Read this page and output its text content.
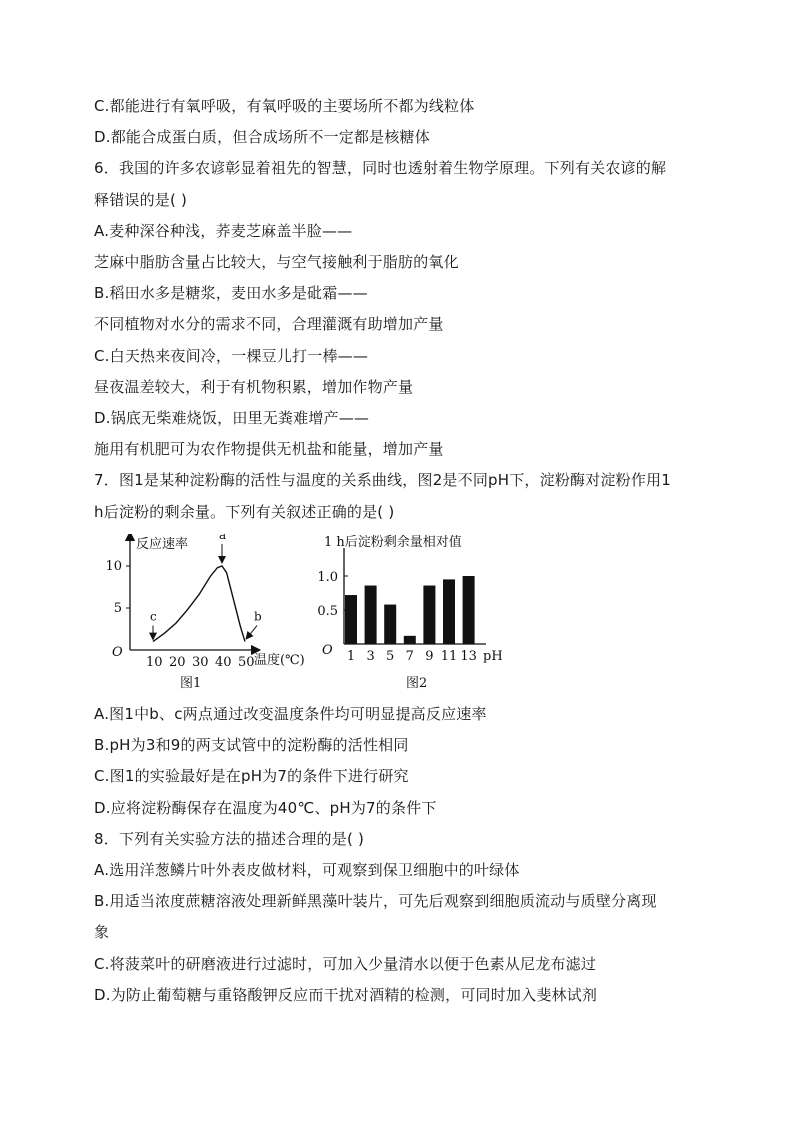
C.都能进行有氧呼吸，有氧呼吸的主要场所不都为线粒体
D.都能合成蛋白质，但合成场所不一定都是核糖体
6．我国的许多农谚彰显着祖先的智慧，同时也透射着生物学原理。下列有关农谚的解
释错误的是( )
A.麦种深谷种浅，荞麦芝麻盖半脸——
芝麻中脂肪含量占比较大，与空气接触利于脂肪的氧化
B.稻田水多是糖浆，麦田水多是砒霜——
不同植物对水分的需求不同，合理灌溉有助增加产量
C.白天热来夜间冷，一棵豆儿打一棒——
昼夜温差较大，利于有机物积累，增加作物产量
D.锅底无柴难烧饭，田里无粪难增产——
施用有机肥可为农作物提供无机盐和能量，增加产量
7．图1是某种淀粉酶的活性与温度的关系曲线，图2是不同pH下，淀粉酶对淀粉作用1
h后淀粉的剩余量。下列有关叙述正确的是( )
10 20 30 40 50
5
10
a
b
c
反应速率
温度(℃)
O
图1
1 3 5 7 9 11 13
0.5
1.0
1 h后淀粉剩余量相对值
pH
O
图2
A.图1中b、c两点通过改变温度条件均可明显提高反应速率
B.pH为3和9的两支试管中的淀粉酶的活性相同
C.图1的实验最好是在pH为7的条件下进行研究
D.应将淀粉酶保存在温度为40℃、pH为7的条件下
8．下列有关实验方法的描述合理的是( )
A.选用洋葱鳞片叶外表皮做材料，可观察到保卫细胞中的叶绿体
B.用适当浓度蔗糖溶液处理新鲜黑藻叶装片，可先后观察到细胞质流动与质壁分离现
象
C.将菠菜叶的研磨液进行过滤时，可加入少量清水以便于色素从尼龙布滤过
D.为防止葡萄糖与重铬酸钾反应而干扰对酒精的检测，可同时加入斐林试剂
